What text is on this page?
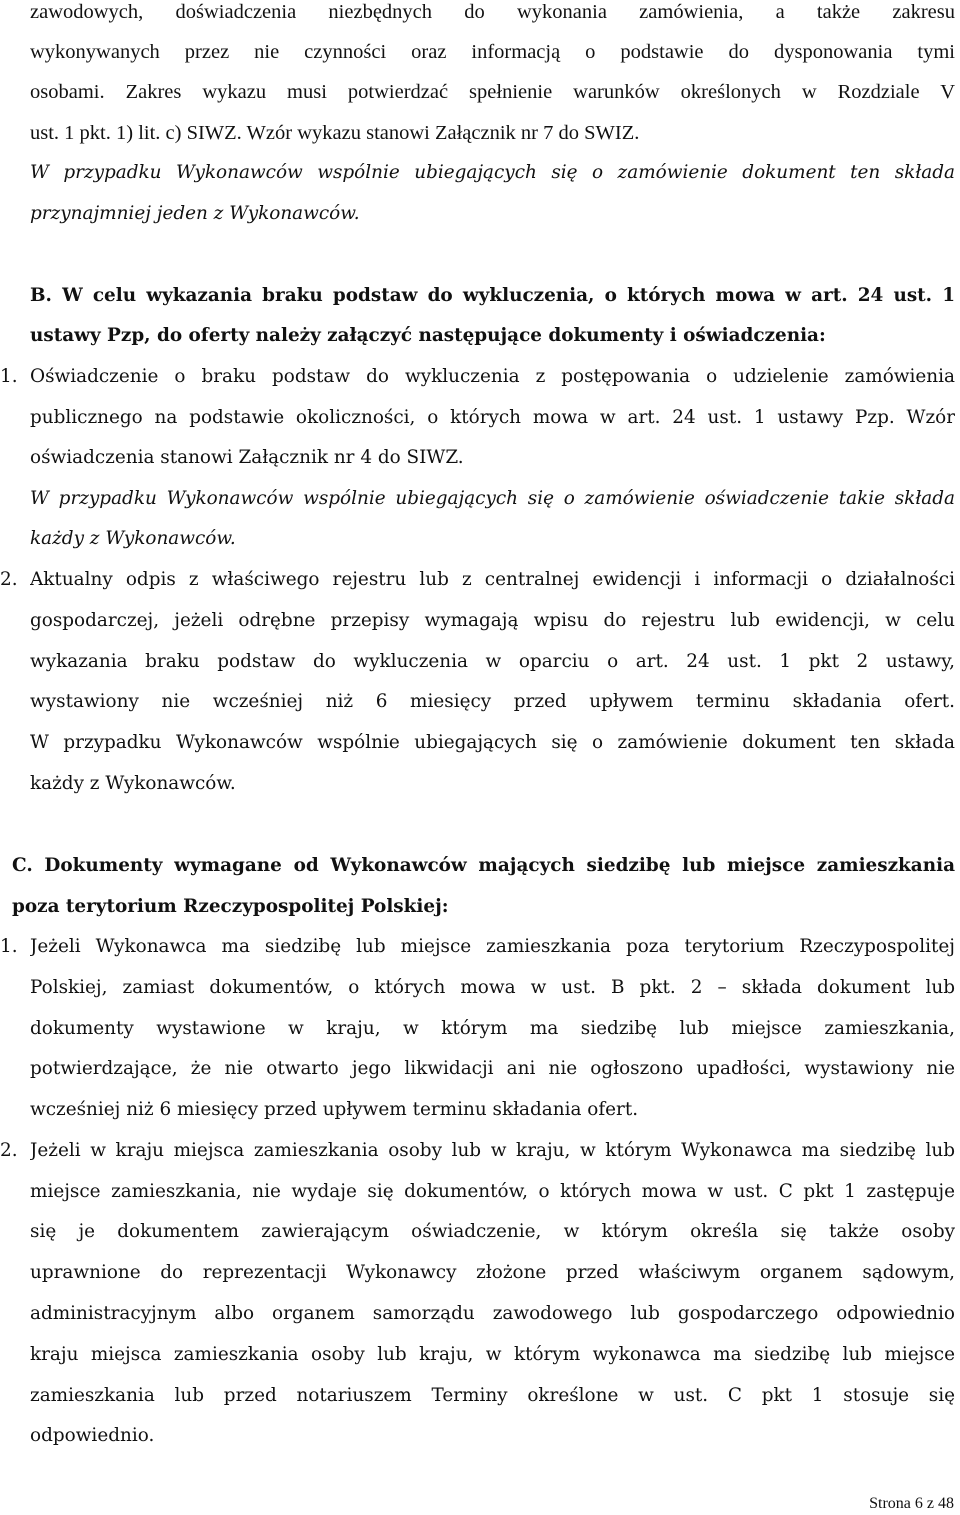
zawodowych, doświadczenia niezbędnych do wykonania zamówienia, a także zakresu
wykonywanych przez nie czynności oraz informacją o podstawie do dysponowania tymi
osobami. Zakres wykazu musi potwierdzać spełnienie warunków określonych w Rozdziale V
ust. 1 pkt. 1) lit. c) SIWZ. Wzór wykazu stanowi Załącznik nr 7 do SWIZ.
W przypadku Wykonawców wspólnie ubiegających się o zamówienie dokument ten składa
przynajmniej jeden z Wykonawców.
B. W celu wykazania braku podstaw do wykluczenia, o których mowa w art. 24 ust. 1
ustawy Pzp, do oferty należy załączyć następujące dokumenty i oświadczenia:
1. Oświadczenie o braku podstaw do wykluczenia z postępowania o udzielenie zamówienia
publicznego na podstawie okoliczności, o których mowa w art. 24 ust. 1 ustawy Pzp. Wzór
oświadczenia stanowi Załącznik nr 4 do SIWZ.
W przypadku Wykonawców wspólnie ubiegających się o zamówienie oświadczenie takie składa
każdy z Wykonawców.
2. Aktualny odpis z właściwego rejestru lub z centralnej ewidencji i informacji o działalności
gospodarczej, jeżeli odrębne przepisy wymagają wpisu do rejestru lub ewidencji, w celu
wykazania braku podstaw do wykluczenia w oparciu o art. 24 ust. 1 pkt 2 ustawy,
wystawiony nie wcześniej niż 6 miesięcy przed upływem terminu składania ofert.
W przypadku Wykonawców wspólnie ubiegających się o zamówienie dokument ten składa
każdy z Wykonawców.
C. Dokumenty wymagane od Wykonawców mających siedzibę lub miejsce zamieszkania
poza terytorium Rzeczypospolitej Polskiej:
1. Jeżeli Wykonawca ma siedzibę lub miejsce zamieszkania poza terytorium Rzeczypospolitej
Polskiej, zamiast dokumentów, o których mowa w ust. B pkt. 2 – składa dokument lub
dokumenty wystawione w kraju, w którym ma siedzibę lub miejsce zamieszkania,
potwierdzające, że nie otwarto jego likwidacji ani nie ogłoszono upadłości, wystawiony nie
wcześniej niż 6 miesięcy przed upływem terminu składania ofert.
2. Jeżeli w kraju miejsca zamieszkania osoby lub w kraju, w którym Wykonawca ma siedzibę lub
miejsce zamieszkania, nie wydaje się dokumentów, o których mowa w ust. C pkt 1 zastępuje
się je dokumentem zawierającym oświadczenie, w którym określa się także osoby
uprawnione do reprezentacji Wykonawcy złożone przed właściwym organem sądowym,
administracyjnym albo organem samorządu zawodowego lub gospodarczego odpowiednio
kraju miejsca zamieszkania osoby lub kraju, w którym wykonawca ma siedzibę lub miejsce
zamieszkania lub przed notariuszem Terminy określone w ust. C pkt 1 stosuje się
odpowiednio.
Strona 6 z 48
